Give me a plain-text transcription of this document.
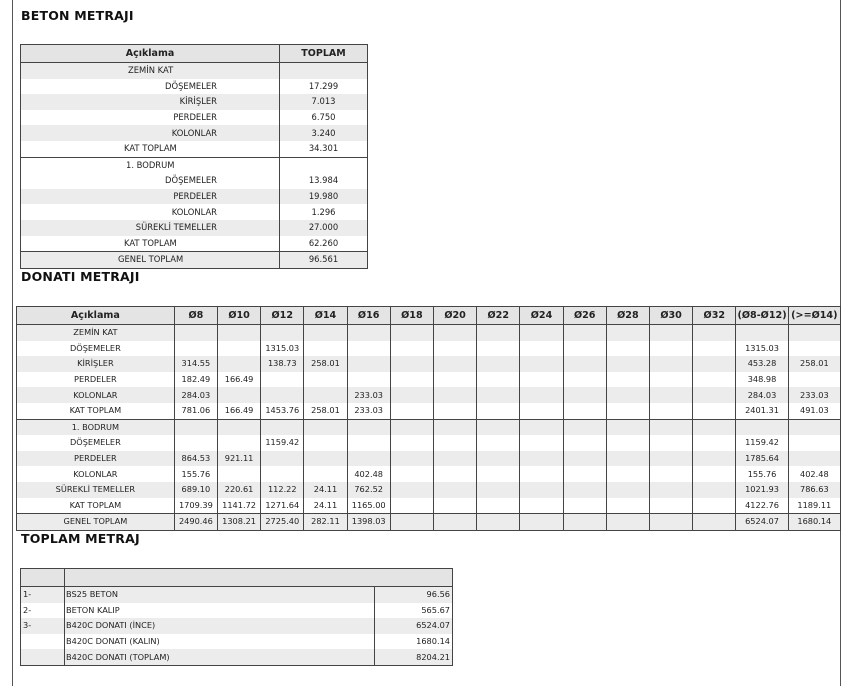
BETON METRAJI
Açıklama	TOPLAM
ZEMİN KAT	
DÖŞEMELER	17.299
KİRİŞLER	7.013
PERDELER	6.750
KOLONLAR	3.240
KAT TOPLAM	34.301
1. BODRUM	
DÖŞEMELER	13.984
PERDELER	19.980
KOLONLAR	1.296
SÜREKLİ TEMELLER	27.000
KAT TOPLAM	62.260
GENEL TOPLAM	96.561
DONATI METRAJI
Açıklama	Ø8	Ø10	Ø12	Ø14	Ø16	Ø18	Ø20	Ø22	Ø24	Ø26	Ø28	Ø30	Ø32	(Ø8-Ø12)	(>=Ø14)
ZEMİN KAT															
DÖŞEMELER			1315.03											1315.03	
KİRİŞLER	314.55		138.73	258.01										453.28	258.01
PERDELER	182.49	166.49												348.98	
KOLONLAR	284.03				233.03									284.03	233.03
KAT TOPLAM	781.06	166.49	1453.76	258.01	233.03									2401.31	491.03
1. BODRUM															
DÖŞEMELER			1159.42											1159.42	
PERDELER	864.53	921.11												1785.64	
KOLONLAR	155.76				402.48									155.76	402.48
SÜREKLİ TEMELLER	689.10	220.61	112.22	24.11	762.52									1021.93	786.63
KAT TOPLAM	1709.39	1141.72	1271.64	24.11	1165.00									4122.76	1189.11
GENEL TOPLAM	2490.46	1308.21	2725.40	282.11	1398.03									6524.07	1680.14
TOPLAM METRAJ

1-	BS25 BETON	96.56
2-	BETON KALIP	565.67
3-	B420C DONATI (İNCE)	6524.07
	B420C DONATI (KALIN)	1680.14
	B420C DONATI (TOPLAM)	8204.21
